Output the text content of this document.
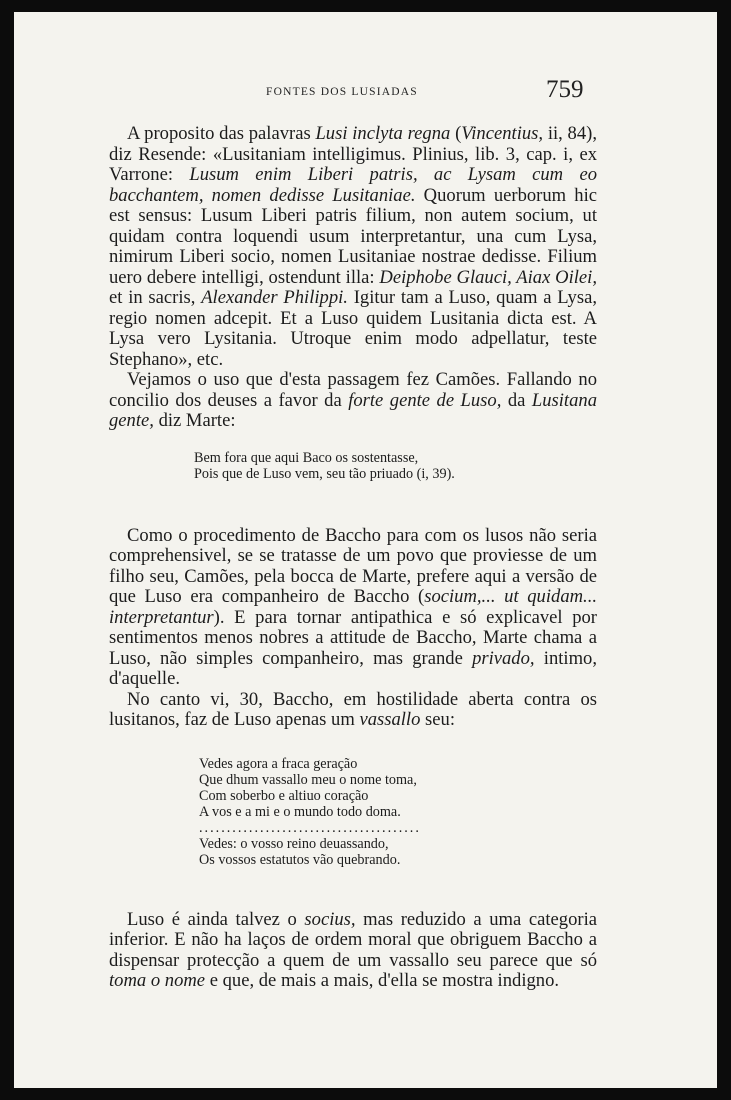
FONTES DOS LUSIADAS	759

A proposito das palavras Lusi inclyta regna (Vincentius, ii, 84), diz Resende: «Lusitaniam intelligimus. Plinius, lib. 3, cap. i, ex Varrone: Lusum enim Liberi patris, ac Lysam cum eo bacchantem, nomen dedisse Lusitaniae. Quorum uerborum hic est sensus: Lusum Liberi patris filium, non autem socium, ut quidam contra loquendi usum interpretantur, una cum Lysa, nimirum Liberi socio, nomen Lusitaniae nostrae dedisse. Filium uero debere intelligi, ostendunt illa: Deiphobe Glauci, Aiax Oilei, et in sacris, Alexander Philippi. Igitur tam a Luso, quam a Lysa, regio nomen adcepit. Et a Luso quidem Lusitania dicta est. A Lysa vero Lysitania. Utroque enim modo adpellatur, teste Stephano», etc.

Vejamos o uso que d'esta passagem fez Camões. Fallando no concilio dos deuses a favor da forte gente de Luso, da Lusitana gente, diz Marte:

Bem fora que aqui Baco os sostentasse,
Pois que de Luso vem, seu tão priuado (i, 39).

Como o procedimento de Baccho para com os lusos não seria comprehensivel, se se tratasse de um povo que proviesse de um filho seu, Camões, pela bocca de Marte, prefere aqui a versão de que Luso era companheiro de Baccho (socium,... ut quidam... interpretantur). E para tornar antipathica e só explicavel por sentimentos menos nobres a attitude de Baccho, Marte chama a Luso, não simples companheiro, mas grande privado, intimo, d'aquelle.

No canto vi, 30, Baccho, em hostilidade aberta contra os lusitanos, faz de Luso apenas um vassallo seu:

Vedes agora a fraca geração
Que dhum vassallo meu o nome toma,
Com soberbo e altiuo coração
A vos e a mi e o mundo todo doma.
........................................
Vedes: o vosso reino deuassando,
Os vossos estatutos vão quebrando.

Luso é ainda talvez o socius, mas reduzido a uma categoria inferior. E não ha laços de ordem moral que obriguem Baccho a dispensar protecção a quem de um vassallo seu parece que só toma o nome e que, de mais a mais, d'ella se mostra indigno.
